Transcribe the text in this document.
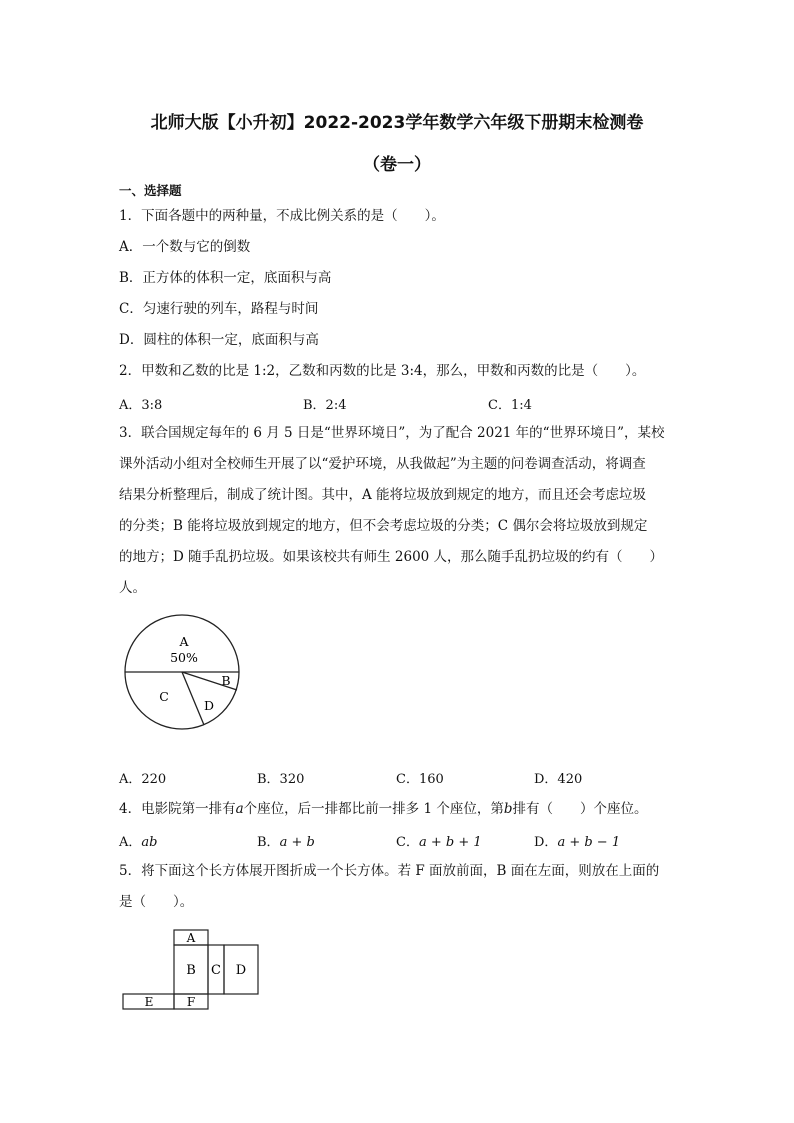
北师大版【小升初】2022-2023学年数学六年级下册期末检测卷
（卷一）
一、选择题
1．下面各题中的两种量，不成比例关系的是（　　）。
A．一个数与它的倒数
B．正方体的体积一定，底面积与高
C．匀速行驶的列车，路程与时间
D．圆柱的体积一定，底面积与高
2．甲数和乙数的比是 1:2，乙数和丙数的比是 3:4，那么，甲数和丙数的比是（　　）。
A．3:8	B．2:4	C．1:4
3．联合国规定每年的 6 月 5 日是“世界环境日”，为了配合 2021 年的“世界环境日”，某校
课外活动小组对全校师生开展了以“爱护环境，从我做起”为主题的问卷调查活动，将调查
结果分析整理后，制成了统计图。其中，A 能将垃圾放到规定的地方，而且还会考虑垃圾
的分类；B 能将垃圾放到规定的地方，但不会考虑垃圾的分类；C 偶尔会将垃圾放到规定
的地方；D 随手乱扔垃圾。如果该校共有师生 2600 人，那么随手乱扔垃圾的约有（　　）
人。
A
50%
B
C
D
A．220	B．320	C．160	D．420
4．电影院第一排有a个座位，后一排都比前一排多 1 个座位，第b排有（　　）个座位。
A．ab	B．a + b	C．a + b + 1	D．a + b − 1
5．将下面这个长方体展开图折成一个长方体。若 F 面放前面，B 面在左面，则放在上面的
是（　　）。
A
B C D
E	F
